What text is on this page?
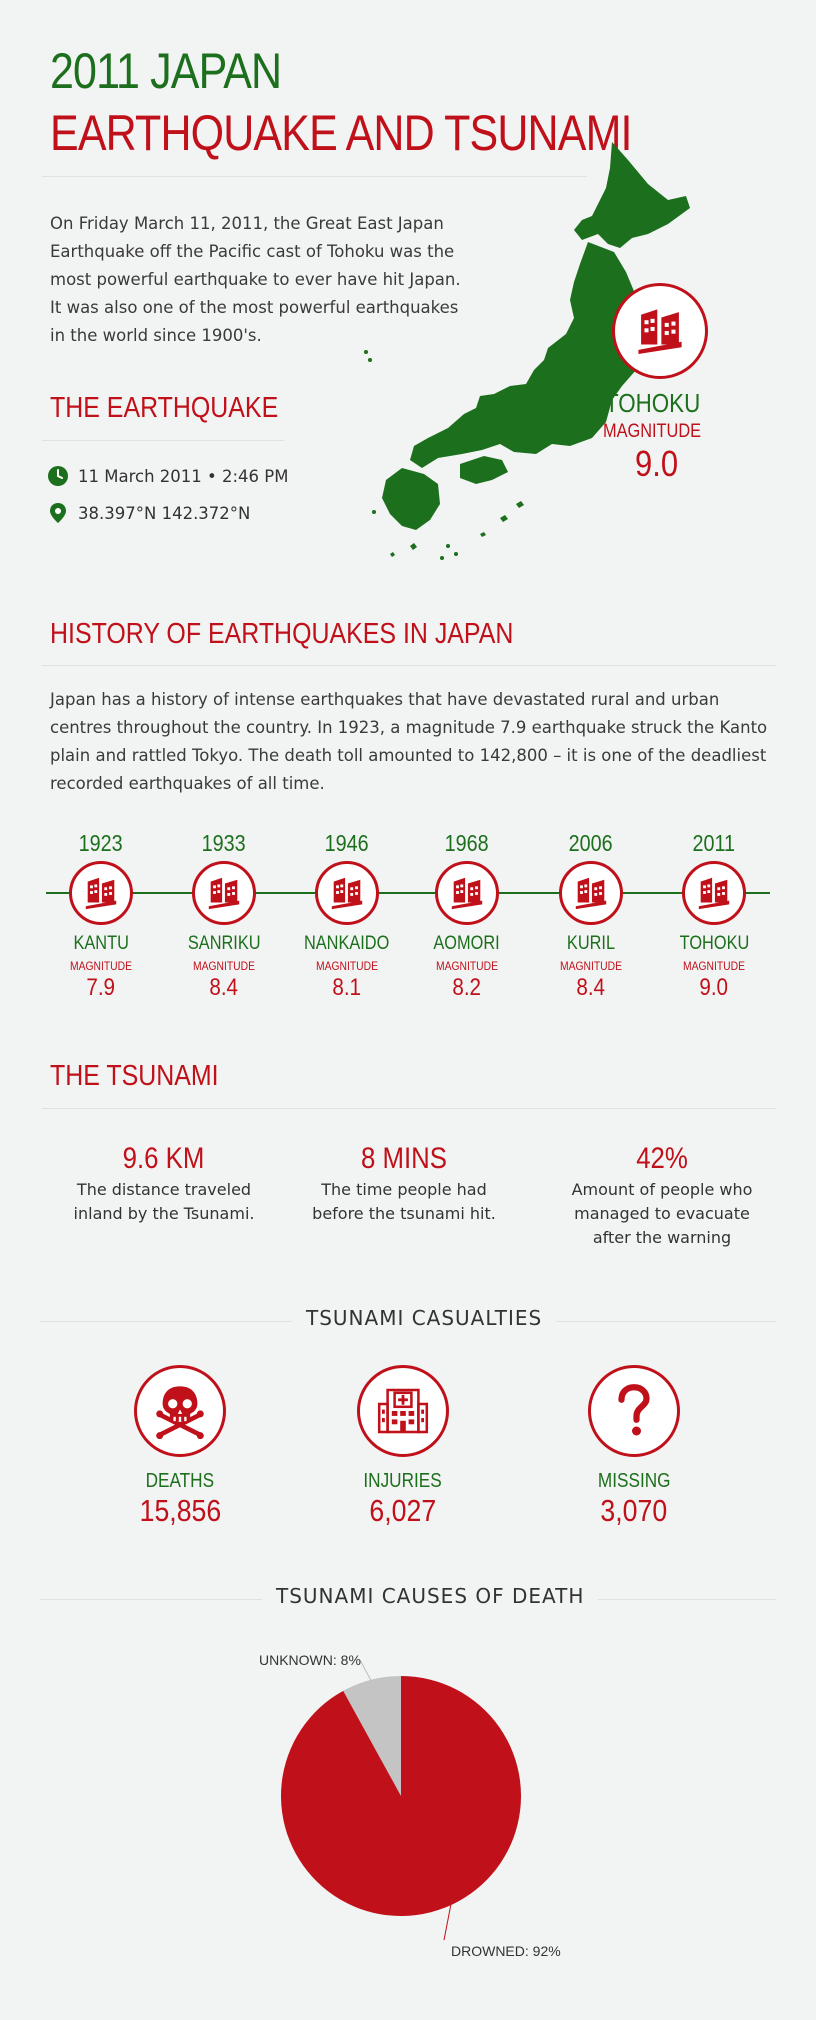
2011 JAPAN
EARTHQUAKE AND TSUNAMI
On Friday March 11, 2011, the Great East Japan Earthquake off the Pacific cast of Tohoku was the most powerful earthquake to ever have hit Japan. It was also one of the most powerful earthquakes in the world since 1900's.
TOHOKU
MAGNITUDE
9.0
THE EARTHQUAKE
11 March 2011 • 2:46 PM
38.397°N 142.372°N
HISTORY OF EARTHQUAKES IN JAPAN
Japan has a history of intense earthquakes that have devastated rural and urban centres throughout the country. In 1923, a magnitude 7.9 earthquake struck the Kanto plain and rattled Tokyo. The death toll amounted to 142,800 – it is one of the deadliest recorded earthquakes of all time.
1923
KANTU
MAGNITUDE
7.9
1933
SANRIKU
MAGNITUDE
8.4
1946
NANKAIDO
MAGNITUDE
8.1
1968
AOMORI
MAGNITUDE
8.2
2006
KURIL
MAGNITUDE
8.4
2011
TOHOKU
MAGNITUDE
9.0
THE TSUNAMI
9.6 KM
The distance traveled inland by the Tsunami.
8 MINS
The time people had before the tsunami hit.
42%
Amount of people who managed to evacuate after the warning
TSUNAMI CASUALTIES
DEATHS
15,856
INJURIES
6,027
MISSING
3,070
TSUNAMI CAUSES OF DEATH
UNKNOWN: 8%
DROWNED: 92%
